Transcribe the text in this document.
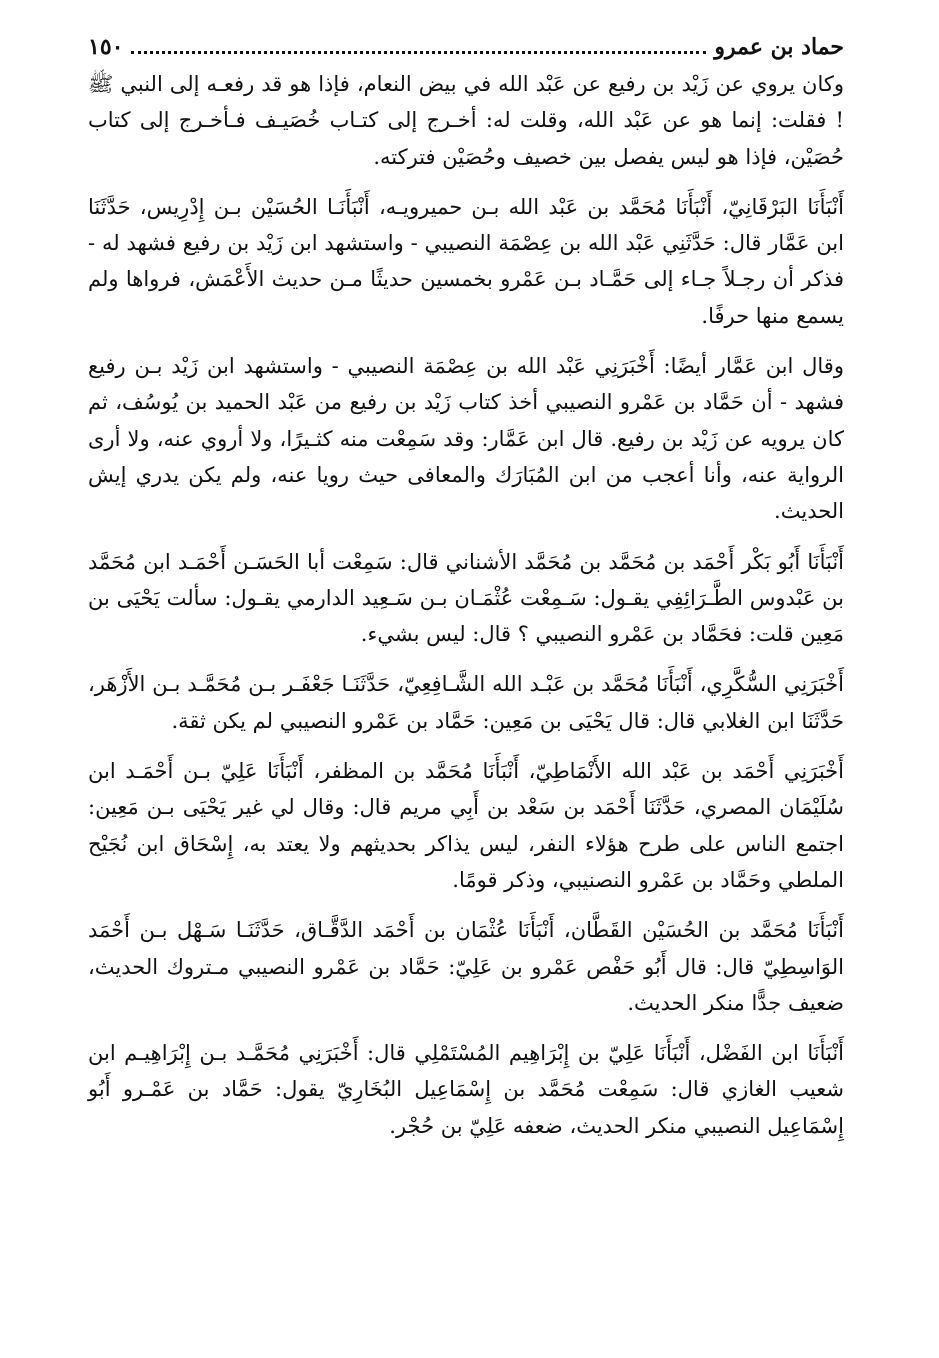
حماد بن عمرو
١٥٠

وكان يروي عن زَيْد بن رفيع عن عَبْد الله في بيض النعام، فإذا هو قد رفعـه إلى النبي ﷺ ! فقلت: إنما هو عن عَبْد الله، وقلت له: أخـرج إلى كتـاب خُصَيـف فـأخـرج إلى كتاب حُصَيْن، فإذا هو ليس يفصل بين خصيف وحُصَيْن فتركته.

أَنْبَأَنَا البَرْقَانِيّ، أَنْبَأَنَا مُحَمَّد بن عَبْد الله بـن حميرويـه، أَنْبَأَنَـا الحُسَيْن بـن إِدْرِيس، حَدَّثَنَا ابن عَمَّار قال: حَدَّثَنِي عَبْد الله بن عِصْمَة النصيبي - واستشهد ابن زَيْد بن رفيع فشهد له - فذكر أن رجـلاً جـاء إلى حَمَّـاد بـن عَمْرو بخمسين حديثًا مـن حديث الأَعْمَش، فرواها ولم يسمع منها حرفًا.

وقال ابن عَمَّار أيضًا: أَخْبَرَنِي عَبْد الله بن عِصْمَة النصيبي - واستشهد ابن زَيْد بـن رفيع فشهد - أن حَمَّاد بن عَمْرو النصيبي أخذ كتاب زَيْد بن رفيع من عَبْد الحميد بن يُوسُف، ثم كان يرويه عن زَيْد بن رفيع. قال ابن عَمَّار: وقد سَمِعْت منه كثـيرًا، ولا أروي عنه، ولا أرى الرواية عنه، وأنا أعجب من ابن المُبَارَك والمعافى حيث رويا عنه، ولم يكن يدري إيش الحديث.

أَنْبَأَنَا أَبُو بَكْر أَحْمَد بن مُحَمَّد بن مُحَمَّد الأشناني قال: سَمِعْت أبا الحَسَـن أَحْمَـد ابن مُحَمَّد بن عَبْدوس الطَّـرَائِفِي يقـول: سَـمِعْت عُثْمَـان بـن سَـعِيد الدارمي يقـول: سألت يَحْيَى بن مَعِين قلت: فحَمَّاد بن عَمْرو النصيبي ؟ قال: ليس بشيء.

أَخْبَرَنِي السُّكَّرِي، أَنْبَأَنَا مُحَمَّد بن عَبْـد الله الشَّـافِعِيّ، حَدَّثَنَـا جَعْفَـر بـن مُحَمَّـد بـن الأَزْهَر، حَدَّثَنَا ابن الغلابي قال: قال يَحْيَى بن مَعِين: حَمَّاد بن عَمْرو النصيبي لم يكن ثقة.

أَخْبَرَنِي أَحْمَد بن عَبْد الله الأَنْمَاطِيّ، أَنْبَأَنَا مُحَمَّد بن المظفر، أَنْبَأَنَا عَلِيّ بـن أَحْمَـد ابن سُلَيْمَان المصري، حَدَّثَنَا أَحْمَد بن سَعْد بن أَبِي مريم قال: وقال لي غير يَحْيَى بـن مَعِين: اجتمع الناس على طرح هؤلاء النفر، ليس يذاكر بحديثهم ولا يعتد به، إِسْحَاق ابن نُجَيْح الملطي وحَمَّاد بن عَمْرو النصنيبي، وذكر قومًا.

أَنْبَأَنَا مُحَمَّد بن الحُسَيْن القَطَّان، أَنْبَأَنَا عُثْمَان بن أَحْمَد الدَّقَّـاق، حَدَّثَنَـا سَـهْل بـن أَحْمَد الوَاسِطِيّ قال: قال أَبُو حَفْص عَمْرو بن عَلِيّ: حَمَّاد بن عَمْرو النصيبي مـتروك الحديث، ضعيف جدًّا منكر الحديث.

أَنْبَأَنَا ابن الفَضْل، أَنْبَأَنَا عَلِيّ بن إِبْرَاهِيم المُسْتَمْلِي قال: أَخْبَرَنِي مُحَمَّـد بـن إِبْرَاهِيـم ابن شعيب الغازي قال: سَمِعْت مُحَمَّد بن إِسْمَاعِيل البُخَارِيّ يقول: حَمَّاد بن عَمْـرو أَبُو إِسْمَاعِيل النصيبي منكر الحديث، ضعفه عَلِيّ بن حُجْر.
